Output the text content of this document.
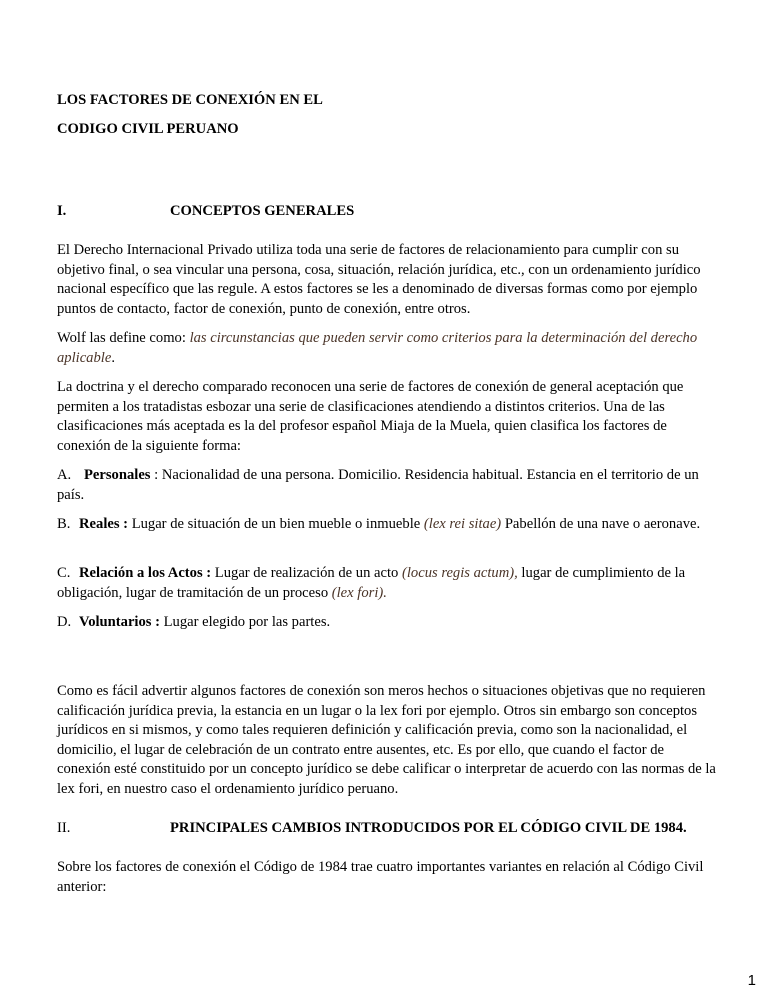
LOS FACTORES DE CONEXIÓN EN EL
CODIGO CIVIL PERUANO
I.	CONCEPTOS GENERALES
El Derecho Internacional Privado utiliza toda una serie de factores de relacionamiento para cumplir con su objetivo final, o sea vincular una persona, cosa, situación, relación jurídica, etc., con un ordenamiento jurídico nacional específico que las regule. A estos factores se les a denominado de diversas formas como por ejemplo puntos de contacto, factor de conexión, punto de conexión, entre otros.
Wolf las define como: las circunstancias que pueden servir como criterios para la determinación del derecho aplicable.
La doctrina y el derecho comparado reconocen una serie de factores de conexión de general aceptación que permiten a los tratadistas esbozar una serie de clasificaciones atendiendo a distintos criterios. Una de las clasificaciones más aceptada es la del profesor español Miaja de la Muela, quien clasifica los factores de conexión de la siguiente forma:
A. Personales : Nacionalidad de una persona. Domicilio. Residencia habitual. Estancia en el territorio de un país.
B. Reales : Lugar de situación de un bien mueble o inmueble (lex rei sitae) Pabellón de una nave o aeronave.
C. Relación a los Actos : Lugar de realización de un acto (locus regis actum), lugar de cumplimiento de la obligación, lugar de tramitación de un proceso (lex fori).
D. Voluntarios : Lugar elegido por las partes.
Como es fácil advertir algunos factores de conexión son meros hechos o situaciones objetivas que no requieren calificación jurídica previa, la estancia en un lugar o la lex fori por ejemplo. Otros sin embargo son conceptos jurídicos en si mismos, y como tales requieren definición y calificación previa, como son la nacionalidad, el domicilio, el lugar de celebración de un contrato entre ausentes, etc. Es por ello, que cuando el factor de conexión esté constituido por un concepto jurídico se debe calificar o interpretar de acuerdo con las normas de la lex fori, en nuestro caso el ordenamiento jurídico peruano.
II.	PRINCIPALES CAMBIOS INTRODUCIDOS POR EL CÓDIGO CIVIL DE 1984.
Sobre los factores de conexión el Código de 1984 trae cuatro importantes variantes en relación al Código Civil anterior:
1
